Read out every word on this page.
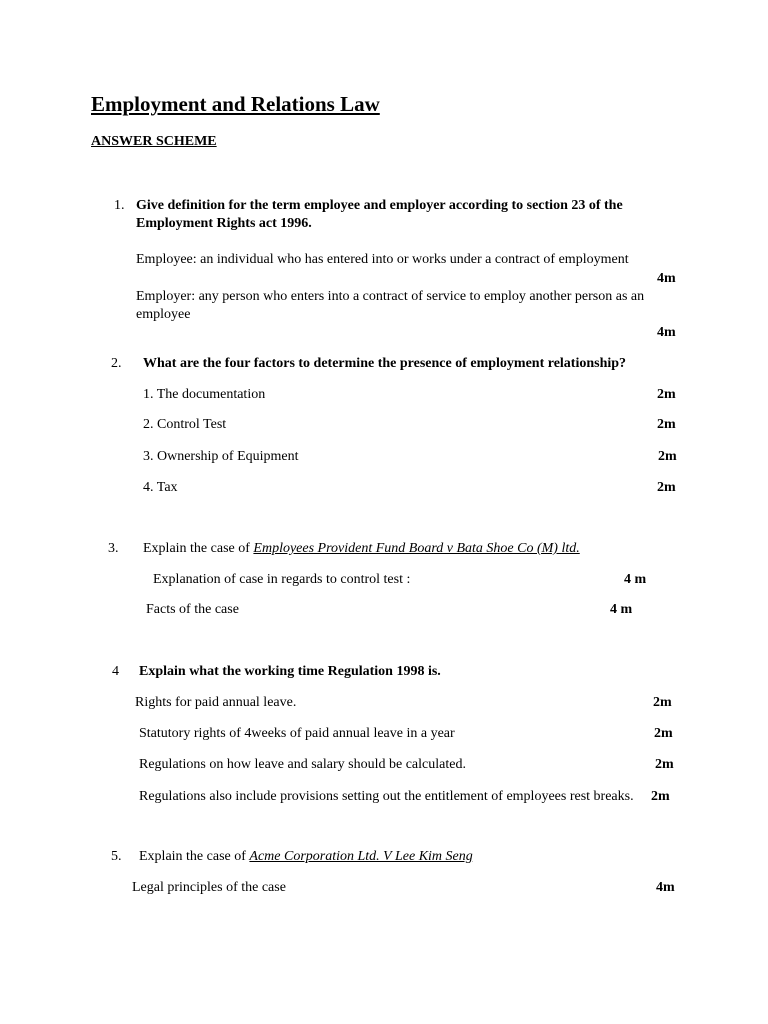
Employment and Relations Law
ANSWER SCHEME
1. Give definition for the term employee and employer according to section 23 of the
Employment Rights act 1996.
Employee: an individual who has entered into or works under a contract of employment
4m
Employer: any person who enters into a contract of service to employ another person as an
employee
4m
2. What are the four factors to determine the presence of employment relationship?
1. The documentation	2m
2. Control Test	2m
3. Ownership of Equipment	2m
4. Tax	2m
3. Explain the case of Employees Provident Fund Board v Bata Shoe Co (M) ltd.
Explanation of case in regards to control test :	4 m
Facts of the case	4 m
4 Explain what the working time Regulation 1998 is.
Rights for paid annual leave.	2m
Statutory rights of 4weeks of paid annual leave in a year	2m
Regulations on how leave and salary should be calculated.	2m
Regulations also include provisions setting out the entitlement of employees rest breaks. 2m
5. Explain the case of Acme Corporation Ltd. V Lee Kim Seng
Legal principles of the case	4m
